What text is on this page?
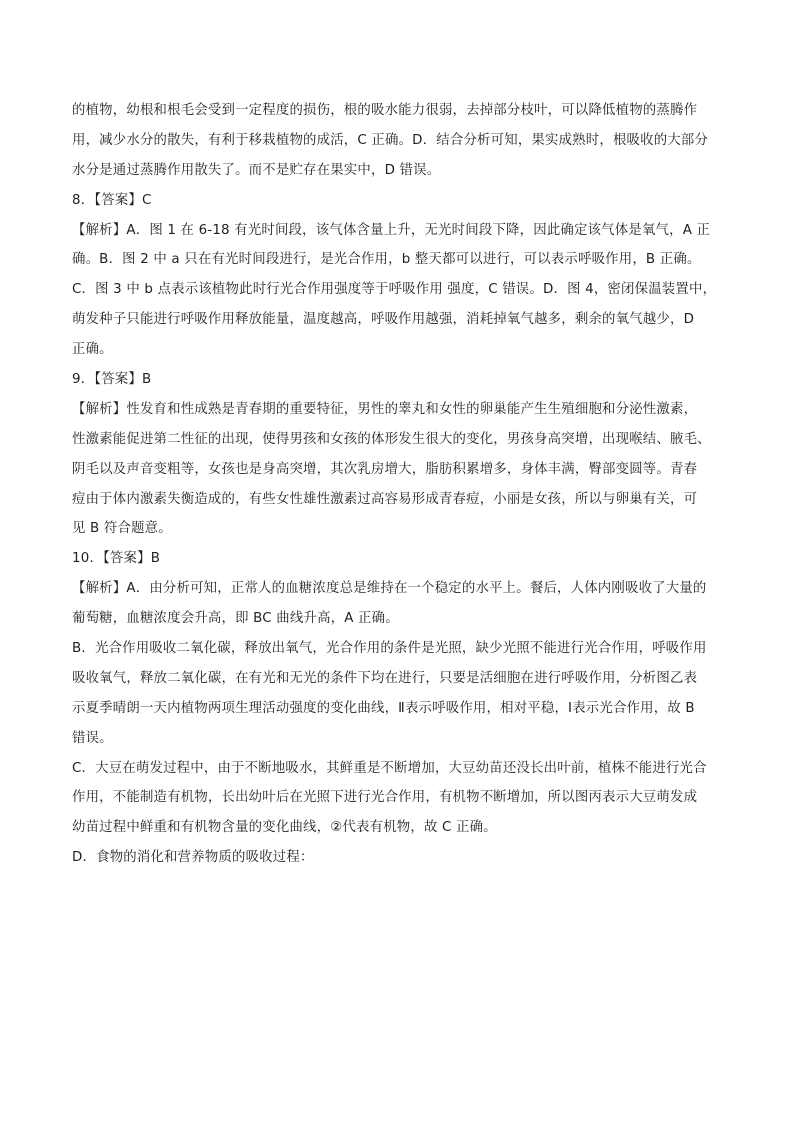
的植物，幼根和根毛会受到一定程度的损伤，根的吸水能力很弱，去掉部分枝叶，可以降低植物的蒸腾作
用，减少水分的散失，有利于移栽植物的成活，C 正确。D．结合分析可知，果实成熟时，根吸收的大部分
水分是通过蒸腾作用散失了。而不是贮存在果实中，D 错误。
8．【答案】C
【解析】A．图 1 在 6-18 有光时间段，该气体含量上升，无光时间段下降，因此确定该气体是氧气，A 正
确。B．图 2 中 a 只在有光时间段进行，是光合作用，b 整天都可以进行，可以表示呼吸作用，B 正确。
C．图 3 中 b 点表示该植物此时行光合作用强度等于呼吸作用 强度，C 错误。D．图 4，密闭保温装置中，
萌发种子只能进行呼吸作用释放能量，温度越高，呼吸作用越强，消耗掉氧气越多，剩余的氧气越少，D
正确。
9．【答案】B
【解析】性发育和性成熟是青春期的重要特征，男性的睾丸和女性的卵巢能产生生殖细胞和分泌性激素，
性激素能促进第二性征的出现，使得男孩和女孩的体形发生很大的变化，男孩身高突增，出现喉结、腋毛、
阴毛以及声音变粗等，女孩也是身高突增，其次乳房增大，脂肪积累增多，身体丰满，臀部变圆等。青春
痘由于体内激素失衡造成的，有些女性雄性激素过高容易形成青春痘，小丽是女孩，所以与卵巢有关，可
见 B 符合题意。
10．【答案】B
【解析】A．由分析可知，正常人的血糖浓度总是维持在一个稳定的水平上。餐后，人体内刚吸收了大量的
葡萄糖，血糖浓度会升高，即 BC 曲线升高，A 正确。
B．光合作用吸收二氧化碳，释放出氧气，光合作用的条件是光照，缺少光照不能进行光合作用，呼吸作用
吸收氧气，释放二氧化碳，在有光和无光的条件下均在进行，只要是活细胞在进行呼吸作用，分析图乙表
示夏季晴朗一天内植物两项生理活动强度的变化曲线，Ⅱ表示呼吸作用，相对平稳，Ⅰ表示光合作用，故 B
错误。
C．大豆在萌发过程中，由于不断地吸水，其鲜重是不断增加，大豆幼苗还没长出叶前，植株不能进行光合
作用，不能制造有机物，长出幼叶后在光照下进行光合作用，有机物不断增加，所以图丙表示大豆萌发成
幼苗过程中鲜重和有机物含量的变化曲线，②代表有机物，故 C 正确。
D．食物的消化和营养物质的吸收过程：
